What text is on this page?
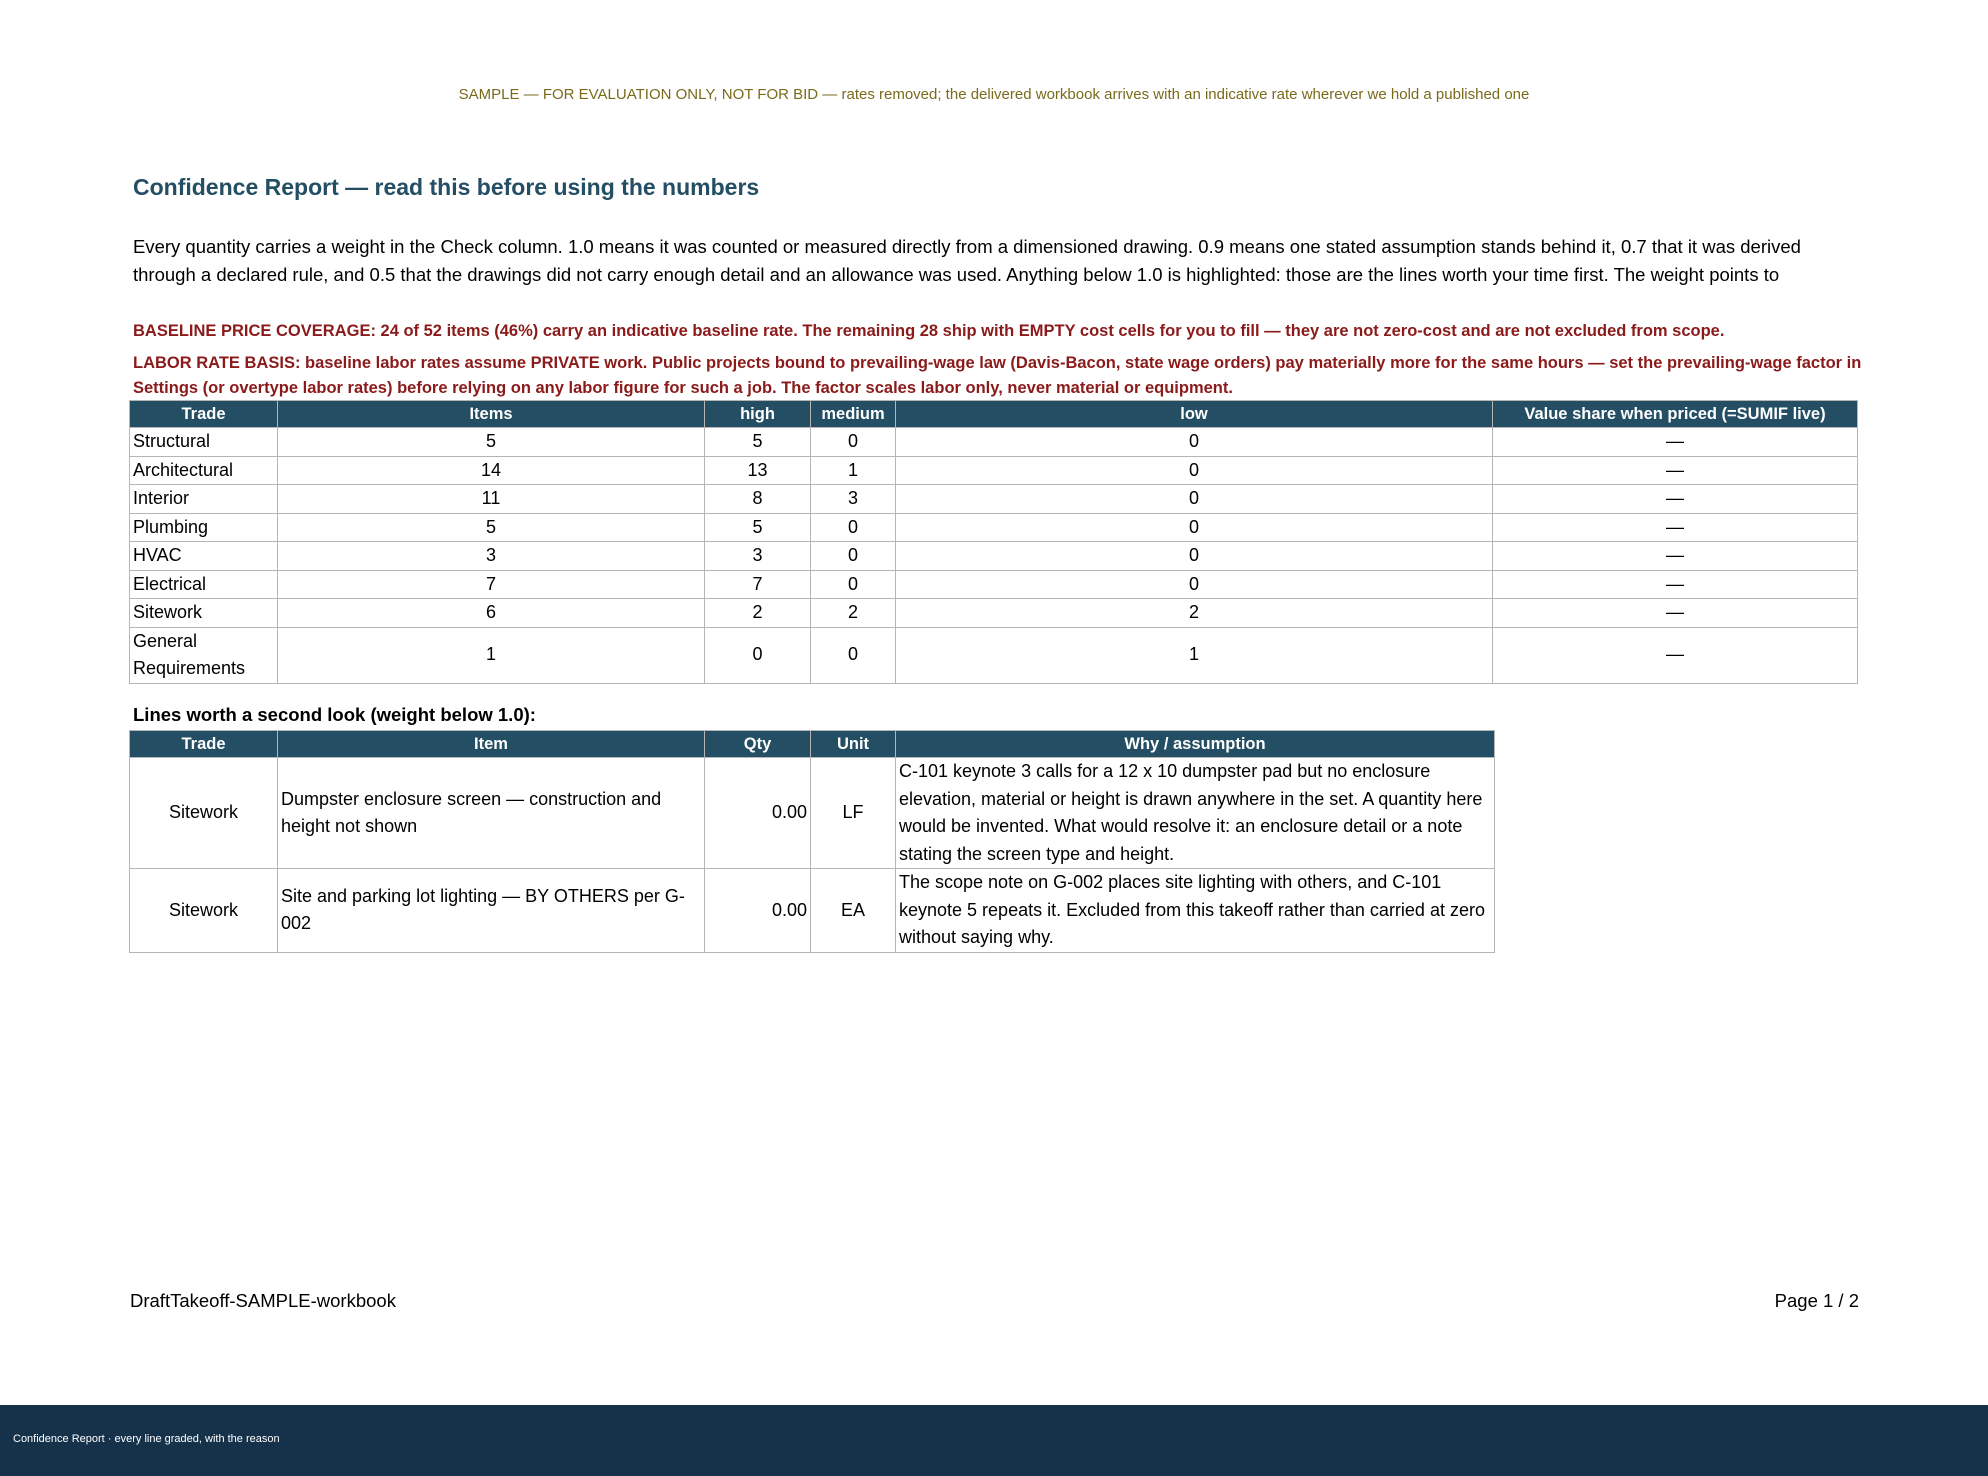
SAMPLE — FOR EVALUATION ONLY, NOT FOR BID — rates removed; the delivered workbook arrives with an indicative rate wherever we hold a published one
Confidence Report — read this before using the numbers
Every quantity carries a weight in the Check column. 1.0 means it was counted or measured directly from a dimensioned drawing. 0.9 means one stated assumption stands behind it, 0.7 that it was derived through a declared rule, and 0.5 that the drawings did not carry enough detail and an allowance was used. Anything below 1.0 is highlighted: those are the lines worth your time first. The weight points to
BASELINE PRICE COVERAGE: 24 of 52 items (46%) carry an indicative baseline rate. The remaining 28 ship with EMPTY cost cells for you to fill — they are not zero-cost and are not excluded from scope.
LABOR RATE BASIS: baseline labor rates assume PRIVATE work. Public projects bound to prevailing-wage law (Davis-Bacon, state wage orders) pay materially more for the same hours — set the prevailing-wage factor in Settings (or overtype labor rates) before relying on any labor figure for such a job. The factor scales labor only, never material or equipment.
Trade	Items	high	medium	low	Value share when priced (=SUMIF live)
Structural	5	5	0	0	—
Architectural	14	13	1	0	—
Interior	11	8	3	0	—
Plumbing	5	5	0	0	—
HVAC	3	3	0	0	—
Electrical	7	7	0	0	—
Sitework	6	2	2	2	—
General Requirements	1	0	0	1	—
Lines worth a second look (weight below 1.0):
Trade	Item	Qty	Unit	Why / assumption
Sitework	Dumpster enclosure screen — construction and height not shown	0.00	LF	C-101 keynote 3 calls for a 12 x 10 dumpster pad but no enclosure elevation, material or height is drawn anywhere in the set. A quantity here would be invented. What would resolve it: an enclosure detail or a note stating the screen type and height.
Sitework	Site and parking lot lighting — BY OTHERS per G-002	0.00	EA	The scope note on G-002 places site lighting with others, and C-101 keynote 5 repeats it. Excluded from this takeoff rather than carried at zero without saying why.
DraftTakeoff-SAMPLE-workbook	Page 1 / 2
Confidence Report · every line graded, with the reason
